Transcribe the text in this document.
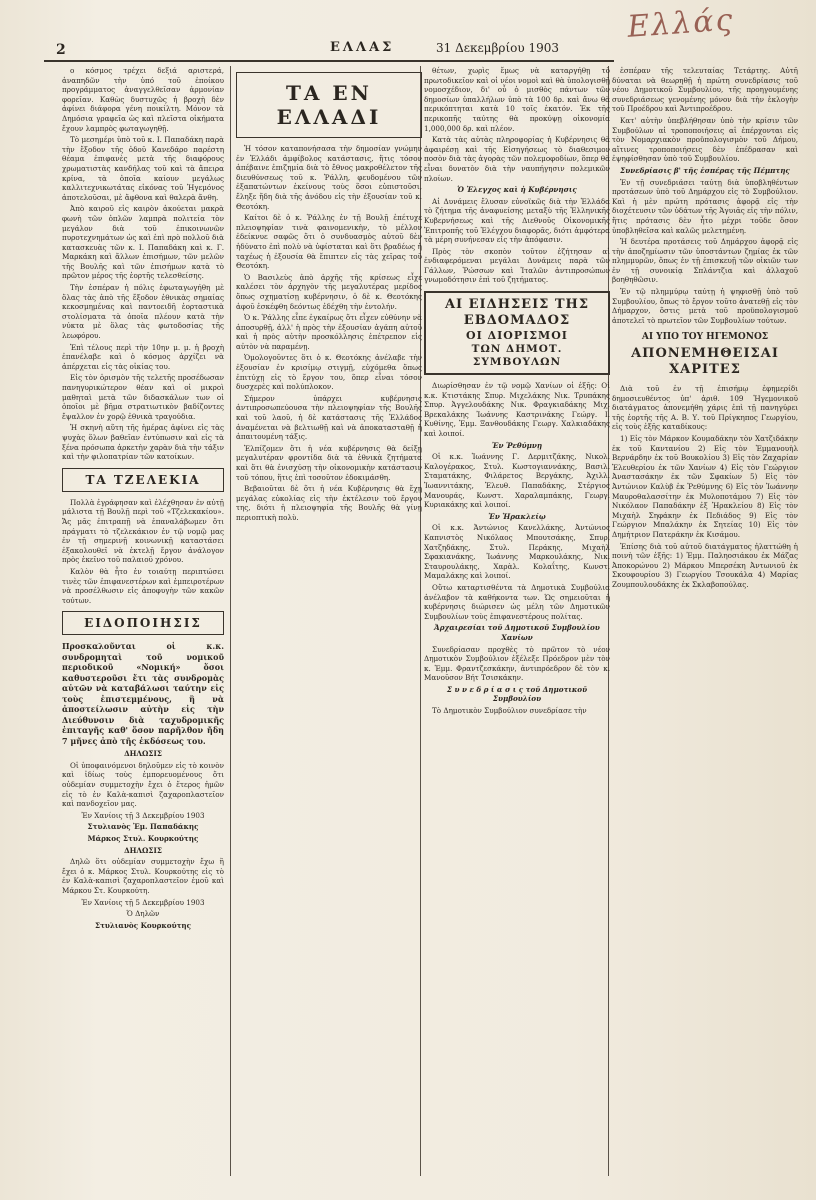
2	ΕΛΛΑΣ	31 Δεκεμβρίου 1903
Ελλάς

ο κόσμος τρέχει δεξιά αριστερά, ἀναπηδῶν τὴν ὑπό τοῦ ἐποίκου προγράμματος ἀναγγελθεῖσαν ἀρμονίαν φορεῖαν. Καθὼς δυστυχῶς ἡ βροχὴ δὲν ἀφίνει διάφορα γένη ποικίλτη. Μόνον τὰ Δημόσια γραφεῖα ὡς καὶ πλεῖστα οἰκήματα ἔχουν λαμπρὸς φωταγωγηθῇ.

Τὸ μεσημέρι ὑπὸ τοῦ κ. Ι. Παπαδάκη παρὰ τὴν ἔξοδον τῆς ὁδοῦ Κανεδάρο παρέστη θέαμα ἐπιφανὲς μετὰ τῆς διαφόρους χρωματιστὰς κανδήλας τοῦ καὶ τὰ ἄπειρα κρίνα, τὰ ὁποῖα καίουν μεγάλως καλλιτεχνικωτάτας εἰκόνας τοῦ Ἡγεμόνος ἀποτελοῦσαι, μὲ ἄφθονα καὶ θαλερὰ ἄνθη.

Ἀπὸ καιροῦ εἰς καιρὸν ἀκούεται μακρὰ φωνὴ τῶν ὁπλῶν λαμπρὰ πολιτεία τὸν μεγάλον διὰ τοῦ ἐπικοινωνῶν πυροτεχνημάτων ὡς καὶ ἐπὶ πρὸ πολλοῦ διὰ κατασκευὰς τῶν κ. Ι. Παπαδάκη καὶ κ. Γ. Μαρκάκη καὶ ἄλλων ἐπισήμων, τῶν μελῶν τῆς Βουλῆς καὶ τῶν ἐπισήμων κατὰ τὸ πρῶτον μέρος τῆς ἑορτῆς τελεσθείσης.

Τὴν ἑσπέραν ἡ πόλις ἐφωταγωγήθη μὲ ὅλας τὰς ἀπὸ τῆς ἔξοδον ἐθνικὰς σημαίας κεκοσμημένας καὶ παντοειδῆ ἑορταστικὰ στολίσματα τὰ ὁποῖα πλέουν κατὰ τὴν νύκτα μὲ ὅλας τὰς φωτοδοσίας τῆς λεωφόρου.

Ἐπὶ τέλους περὶ τὴν 10ην μ. μ. ἡ βροχὴ ἐπανέλαβε καὶ ὁ κόσμος ἀρχίζει νὰ ἀπέρχεται εἰς τὰς οἰκίας του.

Εἰς τὸν ὁρισμὸν τῆς τελετῆς προσέδωσαν πανηγυρικώτερον θέαν καὶ οἱ μικροὶ μαθηταὶ μετὰ τῶν διδασκάλων των οἱ ὁποῖοι μὲ βῆμα στρατιωτικὸν βαδίζοντες ἔψαλλον ἐν χορῷ ἐθνικὰ τραγούδια.

Ἡ σκηνὴ αὕτη τῆς ἡμέρας ἀφίνει εἰς τὰς ψυχὰς ὅλων βαθεῖαν ἐντύπωσιν καὶ εἰς τὰ ξένα πρόσωπα ἀρκετὴν χαρὰν διὰ τὴν τάξιν καὶ τὴν φιλοπατρίαν τῶν κατοίκων.

ΤΑ ΤΖΕΛΕΚΙΑ

Πολλὰ ἐγράφησαν καὶ ἐλέχθησαν ἐν αὐτῇ μάλιστα τῇ Βουλῇ περὶ τοῦ «Τζελεκακίου». Ἄς μᾶς ἐπιτραπῇ νὰ ἐπαναλάβωμεν ὅτι πράγματι τὸ τζελεκάκιον ἐν τῷ νομῷ μας ἐν τῇ σημερινῇ κοινωνικῇ καταστάσει ἐξακολουθεῖ νὰ ἐκτελῇ ἔργον ἀνάλογον πρὸς ἐκεῖνο τοῦ παλαιοῦ χρόνου.

Καλὸν θὰ ἦτο ἐν τοιαύτῃ περιπτώσει τινὲς τῶν ἐπιφανεστέρων καὶ ἐμπειροτέρων νὰ προσέλθωσιν εἰς ἀποφυγὴν τῶν κακῶν τούτων.

ΕΙΔΟΠΟΙΗΣΙΣ
Προσκαλοῦνται οἱ κ.κ. συνδρομηταὶ τοῦ νομικοῦ περιοδικοῦ «Νομική» ὅσοι καθυστεροῦσι ἔτι τὰς συνδρομὰς αὐτῶν νὰ καταβάλωσι ταύτην εἰς τοὺς ἐπιστεμμένους, ἢ νὰ ἀποστείλωσιν αὐτὴν εἰς τὴν Διεύθυνσιν διὰ ταχυδρομικῆς ἐπιταγῆς καθ' ὅσον παρῆλθον ἤδη 7 μῆνες ἀπὸ τῆς ἐκδόσεως του.

ΔΗΛΩΣΙΣ

Οἱ ὑποφαινόμενοι δηλοῦμεν εἰς τὸ κοινὸν καὶ ἰδίως τοὺς ἐμπορευομένους ὅτι οὐδεμίαν συμμετοχὴν ἔχει ὁ ἕτερος ἡμῶν εἰς τὸ ἐν Καλὰ-καπισὶ ζαχαροπλαστεῖον καὶ πανδοχεῖον μας.

Ἐν Χανίοις τῇ 3 Δεκεμβρίου 1903

Στυλιανὸς Ἐμ. Παπαδάκης

Μάρκος Στυλ. Κουρκούτης

ΔΗΛΩΣΙΣ

Δηλῶ ὅτι οὐδεμίαν συμμετοχὴν ἔχω ἢ ἔχει ὁ κ. Μάρκος Στυλ. Κουρκούτης εἰς τὸ ἐν Καλὰ-καπισὶ ζαχαροπλαστεῖον ἐμοῦ καὶ Μάρκου Στ. Κουρκούτη.

Ἐν Χανίοις τῇ 5 Δεκεμβρίου 1903

Ὁ Δηλῶν

Στυλιανὸς Κουρκούτης

ΤΑ ΕΝ ΕΛΛΑΔΙ

Ἡ τόσον καταπονήσασα τὴν δημοσίαν γνώμην ἐν Ἑλλάδι ἀμφίβολος κατάστασις, ἥτις τόσον ἀπέβαινε ἐπιζημία διὰ τὸ ἔθνος μακροθέλετον τῆς διευθύνσεως τοῦ κ. Ῥάλλη, φευδομένου τῶν ἐξαπατώντων ἐκείνους τοὺς ὅσοι εὐπιστοῦσι, ἔληξε ἤδη διὰ τῆς ἀνόδου εἰς τὴν ἐξουσίαν τοῦ κ. Θεοτόκη.

Καίτοι δὲ ὁ κ. Ῥάλλης ἐν τῇ Βουλῇ ἐπέτυχε πλειοψηφίαν τινὰ φαινομενικὴν, τὸ μέλλον ἐδείκνυε σαφῶς ὅτι ὁ συνδυασμὸς αὐτοῦ δὲν ἠδύνατο ἐπὶ πολὺ νὰ ὑφίσταται καὶ ὅτι βραδέως ἡ ταχέως ἡ ἐξουσία θὰ ἔπιπτεν εἰς τὰς χεῖρας τοῦ Θεοτόκη.

Ὁ Βασιλεὺς ἀπὸ ἀρχῆς τῆς κρίσεως εἶχε καλέσει τὸν ἀρχηγὸν τῆς μεγαλυτέρας μερίδος ὅπως σχηματίσῃ κυβέρνησιν, ὁ δὲ κ. Θεοτόκης ἀφοῦ ἐσκέφθη δεόντως ἐδέχθη τὴν ἐντολήν.

Ὁ κ. Ῥάλλης εἶπε ἐγκαίρως ὅτι εἶχεν εὐθύνην νὰ ἀποσυρθῇ, ἀλλ' ἡ πρὸς τὴν ἐξουσίαν ἀγάπη αὐτοῦ καὶ ἡ πρὸς αὐτὴν προσκόλλησις ἐπέτρεπον εἰς αὐτὸν νὰ παραμένῃ.

Ὁμολογοῦντες ὅτι ὁ κ. Θεοτόκης ἀνέλαβε τὴν ἐξουσίαν ἐν κρισίμῳ στιγμῇ, εὐχόμεθα ὅπως ἐπιτύχῃ εἰς τὸ ἔργον του, ὅπερ εἶναι τόσον δυσχερὲς καὶ πολύπλοκον.

Σήμερον ὑπάρχει κυβέρνησις ἀντιπροσωπεύουσα τὴν πλειοψηφίαν τῆς Βουλῆς καὶ τοῦ λαοῦ, ἡ δὲ κατάστασις τῆς Ἑλλάδος ἀναμένεται νὰ βελτιωθῇ καὶ νὰ ἀποκατασταθῇ ἡ ἀπαιτουμένη τάξις.

Ἐλπίζομεν ὅτι ἡ νέα κυβέρνησις θὰ δείξῃ μεγαλυτέραν φροντίδα διὰ τὰ ἐθνικὰ ζητήματα καὶ ὅτι θὰ ἐνισχύσῃ τὴν οἰκονομικὴν κατάστασιν τοῦ τόπου, ἥτις ἐπὶ τοσοῦτον ἐδοκιμάσθη.

Βεβαιοῦται δὲ ὅτι ἡ νέα Κυβέρνησις θὰ ἔχῃ μεγάλας εὐκολίας εἰς τὴν ἐκτέλεσιν τοῦ ἔργου της, διότι ἡ πλειοψηφία τῆς Βουλῆς θὰ γίνῃ περιοπτικὴ πολὺ.

θέτων, χωρὶς ἔμως νὰ καταργήθῃ τὸ πρωτοδικεῖον καὶ οἱ νέοι νομοὶ καὶ θὰ ὑπολογισθῇ νομοσχέδιον, δι' οὗ ὁ μισθὸς πάντων τῶν δημοσίων ὑπαλλήλων ὑπὸ τὰ 100 δρ. καὶ ἄνω θὰ περικόπτηται κατὰ 10 τοῖς ἑκατόν. Ἐκ τῆς περικοπῆς ταύτης θὰ προκύψῃ οἰκονομία 1,000,000 δρ. καὶ πλέον.

Κατὰ τὰς αὐτὰς πληροφορίας ἡ Κυβέρνησις θὰ ἀφαιρέσῃ καὶ τῆς Εἰσηγήσεως τὸ διαθεσιμον ποσὸν διὰ τὰς ἀγορὰς τῶν πολεμοφοδίων, ὅπερ θὰ εἶναι δυνατὸν διὰ τὴν ναυπήγησιν πολεμικῶν πλοίων.

Ὁ Ἐλεγχος καὶ ἡ Κυβέρνησις

Αἱ Δυνάμεις ἔλυσαν εὐνοϊκῶς διὰ τὴν Ἑλλάδα τὸ ζήτημα τῆς ἀναφυείσης μεταξὺ τῆς Ἑλληνικῆς Κυβερνήσεως καὶ τῆς Διεθνοῦς Οἰκονομικῆς Ἐπιτροπῆς τοῦ Ἐλέγχου διαφορᾶς, διότι ἀμφότερα τὰ μέρη συνήνεσαν εἰς τὴν ἀπόφασιν.

Πρὸς τὸν σκοπὸν τοῦτον ἐζήτησαν αἱ ἐνδιαφερόμεναι μεγάλαι Δυνάμεις παρὰ τῶν Γάλλων, Ῥώσσων καὶ Ἰταλῶν ἀντιπροσώπων γνωμοδότησιν ἐπὶ τοῦ ζητήματος.

ΑΙ ΕΙΔΗΣΕΙΣ ΤΗΣ ΕΒΔΟΜΑΔΟΣ
ΟΙ ΔΙΟΡΙΣΜΟΙ
ΤΩΝ ΔΗΜΟΤ. ΣΥΜΒΟΥΛΩΝ

Διωρίσθησαν ἐν τῷ νομῷ Χανίων οἱ ἑξῆς: Οἱ κ.κ. Κτιστάκης Σπυρ. Μιχελάκης Νικ. Τρυπάκης Σπυρ. Ἀγγελουδάκης Νικ. Φραγκιαδάκης Μιχ. Βρεκαλάκης Ἰωάννης Καστρινάκης Γεώργ. Ι. Κυθίνης, Ἐμμ. Ξανθουδάκης Γεωργ. Χαλκιαδάκης καὶ λοιποί.

Ἐν Ῥεθύμνῃ

Οἱ κ.κ. Ἰωάννης Γ. Δερμιτζάκης, Νικολ. Καλογέρακος, Στυλ. Κωστογιαννάκης, Βασιλ. Σταματάκης, Φιλάρετος Βεργάκης, Ἀχιλλ. Ἰωαννιτάκης, Ἐλευθ. Παπαδάκης, Στέργιος Μανουράς, Κωνστ. Χαραλαμπάκης, Γεωργ. Κυριακάκης καὶ λοιποί.

Ἐν Ἡρακλείῳ

Οἱ κ.κ. Ἀντώνιος Κανελλάκης, Ἀντώνιος Καπνιστὸς Νικόλαος Μπουτσάκης, Σπυρ. Χατζηδάκης, Στυλ. Περάκης, Μιχαὴλ Σφακιανάκης, Ἰωάννης Μαρκουλάκης, Νικ. Σταυρουλάκης, Χαρὰλ. Κολαΐτης, Κωνστ. Μαμαλάκης καὶ λοιποί.

Οὕτω καταρτισθέντα τὰ Δημοτικὰ Συμβούλια ἀνέλαβον τὰ καθήκοντα των. Ὡς σημειοῦται ἡ κυβέρνησις διώρισεν ὡς μέλη τῶν Δημοτικῶν Συμβουλίων τοὺς ἐπιφανεστέρους πολίτας.

Ἀρχαιρεσίαι τοῦ Δημοτικοῦ Συμβουλίου Χανίων

Συνεδρίασαν προχθὲς τὸ πρῶτον τὸ νέον Δημοτικὸν Συμβούλιον ἐξέλεξε Πρόεδρον μὲν τὸν κ. Ἐμμ. Φραντζεσκάκην, ἀντιπρόεδρον δὲ τὸν κ. Μανοῦσον Βήτ Τσισκάκην.

Σ υ ν ε δ ρ ί α σ ι ς τοῦ Δημοτικοῦ Συμβουλίου

Τὸ Δημοτικὸν Συμβούλιον συνεδρίασε τὴν

ἑσπέραν τῆς τελευταίας Τετάρτης. Αὐτῆ δύναται νὰ θεωρηθῇ ἡ πρώτη συνεδρίασις τοῦ νέου Δημοτικοῦ Συμβουλίου, τῆς προηγουμένης συνεδριάσεως γενομένης μόνον διὰ τὴν ἐκλογὴν τοῦ Προέδρου καὶ Ἀντιπροέδρου.

Κατ' αὐτὴν ὑπεβλήθησαν ὑπὸ τὴν κρίσιν τῶν Συμβούλων αἱ τροποποιήσεις αἱ ἐπέρχονται εἰς τὸν Νομαρχιακὸν προϋπολογισμὸν τοῦ Δήμου, αἵτινες τροποποιήσεις δὲν ἐπέδρασαν καὶ ἐψηφίσθησαν ὑπὸ τοῦ Συμβουλίου.

Συνεδρίασις β' τῆς ἑσπέρας τῆς Πέμπτης

Ἐν τῇ συνεδριάσει ταύτῃ διὰ ὑποβληθέντων προτάσεων ὑπὸ τοῦ Δημάρχου εἰς τὸ Συμβούλιον. Καὶ ἡ μὲν πρώτη πρότασις ἀφορᾷ εἰς τὴν διοχέτευσιν τῶν ὑδάτων τῆς Ἀγυιᾶς εἰς τὴν πόλιν, ἥτις πρότασις δὲν ἦτο μέχρι τοῦδε ὅσον ὑποβληθεῖσα καὶ καλῶς μελετημένη.

Ἡ δευτέρα προτάσεις τοῦ Δημάρχου ἀφορᾷ εἰς τὴν ἀποζημίωσιν τῶν ὑποστάντων ζημίας ἐκ τῶν πλημμυρῶν, ὅπως ἐν τῇ ἐπισκευῇ τῶν οἰκιῶν των ἐν τῇ συνοικίᾳ Σπλάντζια καὶ ἀλλαχοῦ βοηθηθῶσιν.

Ἐν τῷ πλημμύρῳ ταύτῃ ἡ ψηφισθῇ ὑπὸ τοῦ Συμβουλίου, ὅπως τὸ ἔργον τοῦτο ἀνατεθῇ εἰς τὸν Δήμαρχον, ὅστις μετὰ τοῦ προϋπολογισμοῦ ἀποτελεῖ τὸ πρωτεῖον τῶν Συμβουλίων τούτων.

ΑΙ ΥΠΟ ΤΟΥ ΗΓΕΜΟΝΟΣ
ΑΠΟΝΕΜΗΘΕΙΣΑΙ ΧΑΡΙΤΕΣ

Διὰ τοῦ ἐν τῇ ἐπισήμῳ ἐφημερίδι δημοσιευθέντος ὑπ' ἀριθ. 109 Ἡγεμονικοῦ διατάγματος ἀπονεμήθη χάρις ἐπὶ τῇ πανηγύρει τῆς ἑορτῆς τῆς Α. Β. Υ. τοῦ Πρίγκηπος Γεωργίου, εἰς τοὺς ἑξῆς καταδίκους:

1) Εἰς τὸν Μάρκον Κουμαδάκην τὸν Χατζιδάκην ἐκ τοῦ Καντανίου 2) Εἰς τὸν Ἐμμανουὴλ Βερνάρδην ἐκ τοῦ Βουκολίου 3) Εἰς τὸν Ζαχαρίαν Ἐλευθερίου ἐκ τῶν Χανίων 4) Εἰς τὸν Γεώργιον Ἀναστασάκην ἐκ τῶν Σφακίων 5) Εἰς τὸν Ἀντώνιον Καλὺβ ἐκ Ῥεθύμνης 6) Εἰς τὸν Ἰωάννην Μαυροθαλασσίτην ἐκ Μυλοποτάμου 7) Εἰς τὸν Νικόλαον Παπαδάκην ἐξ Ἡρακλείου 8) Εἰς τὸν Μιχαὴλ Σηφάκην ἐκ Πεδιάδος 9) Εἰς τὸν Γεώργιον Μπαλάκην ἐκ Σητείας 10) Εἰς τὸν Δημήτριον Πατεράκην ἐκ Κισάμου.

Ἐπίσης διὰ τοῦ αὐτοῦ διατάγματος ἠλαττώθη ἡ ποινὴ τῶν ἑξῆς: 1) Ἐμμ. Παληοσιάκου ἐκ Μάζας Ἀποκορώνου 2) Μάρκου Μπερσέκη Ἀντωνιοῦ ἐκ Σκουφουρίου 3) Γεωργίου Τσουκάλα 4) Μαρίας Ζουμπουλουδάκης ἐκ Σκλαβοπούλας.
